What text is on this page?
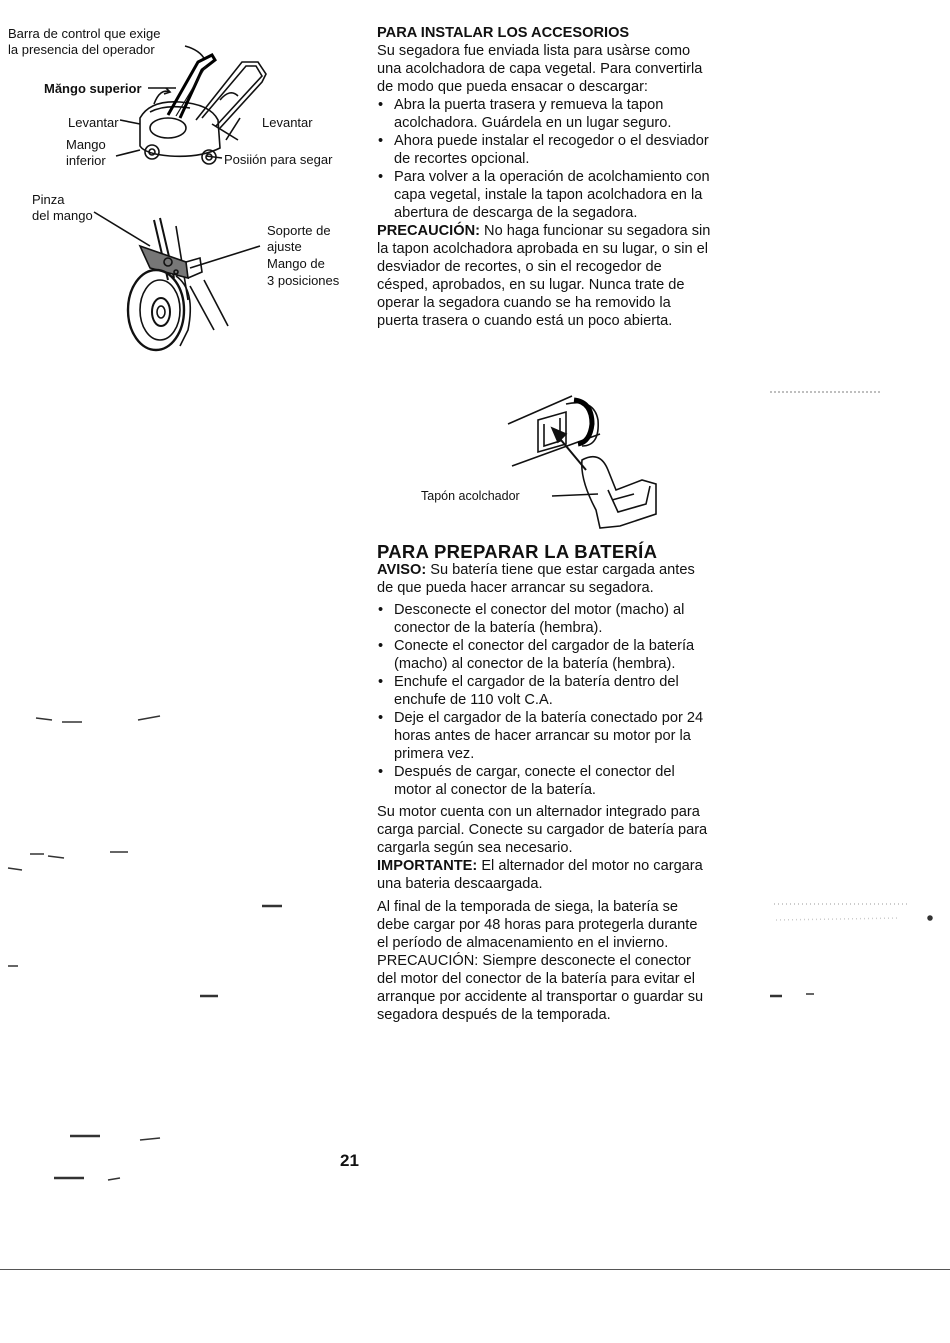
Barra de control que exige
la presencia del operador
Măngo superior
Levantar	Levantar
Mango
inferior	Posiión para segar
Pinza
del mango
Soporte de
ajuste
Mango de
3 posiciones

PARA INSTALAR LOS ACCESORIOS

Su segadora fue enviada lista para usàrse como una acolchadora de capa vegetal. Para convertirla de modo que pueda ensacar o descargar:

• Abra la puerta trasera y remueva la tapon acolchadora. Guárdela en un lugar seguro.
• Ahora puede instalar el recogedor o el desviador de recortes opcional.
• Para volver a la operación de acolchamiento con capa vegetal, instale la tapon acolchadora en la abertura de descarga de la segadora.

PRECAUCIÓN: No haga funcionar su segadora sin la tapon acolchadora aprobada en su lugar, o sin el desviador de recortes, o sin el recogedor de césped, aprobados, en su lugar. Nunca trate de operar la segadora cuando se ha removido la puerta trasera o cuando está un poco abierta.

Tapón acolchador

PARA PREPARAR LA BATERÍA

AVISO: Su batería tiene que estar cargada antes de que pueda hacer arrancar su segadora.

• Desconecte el conector del motor (macho) al conector de la batería (hembra).
• Conecte el conector del cargador de la batería (macho) al conector de la batería (hembra).
• Enchufe el cargador de la batería dentro del enchufe de 110 volt C.A.
• Deje el cargador de la batería conectado por 24 horas antes de hacer arrancar su motor por la primera vez.
• Después de cargar, conecte el conector del motor al conector de la batería.

Su motor cuenta con un alternador integrado para carga parcial. Conecte su cargador de batería para cargarla según sea necesario.

IMPORTANTE: El alternador del motor no cargara una bateria descaargada.

Al final de la temporada de siega, la batería se debe cargar por 48 horas para protegerla durante el período de almacenamiento en el invierno.

PRECAUCIÓN: Siempre desconecte el conector del motor del conector de la batería para evitar el arranque por accidente al transportar o guardar su segadora después de la temporada.

21
